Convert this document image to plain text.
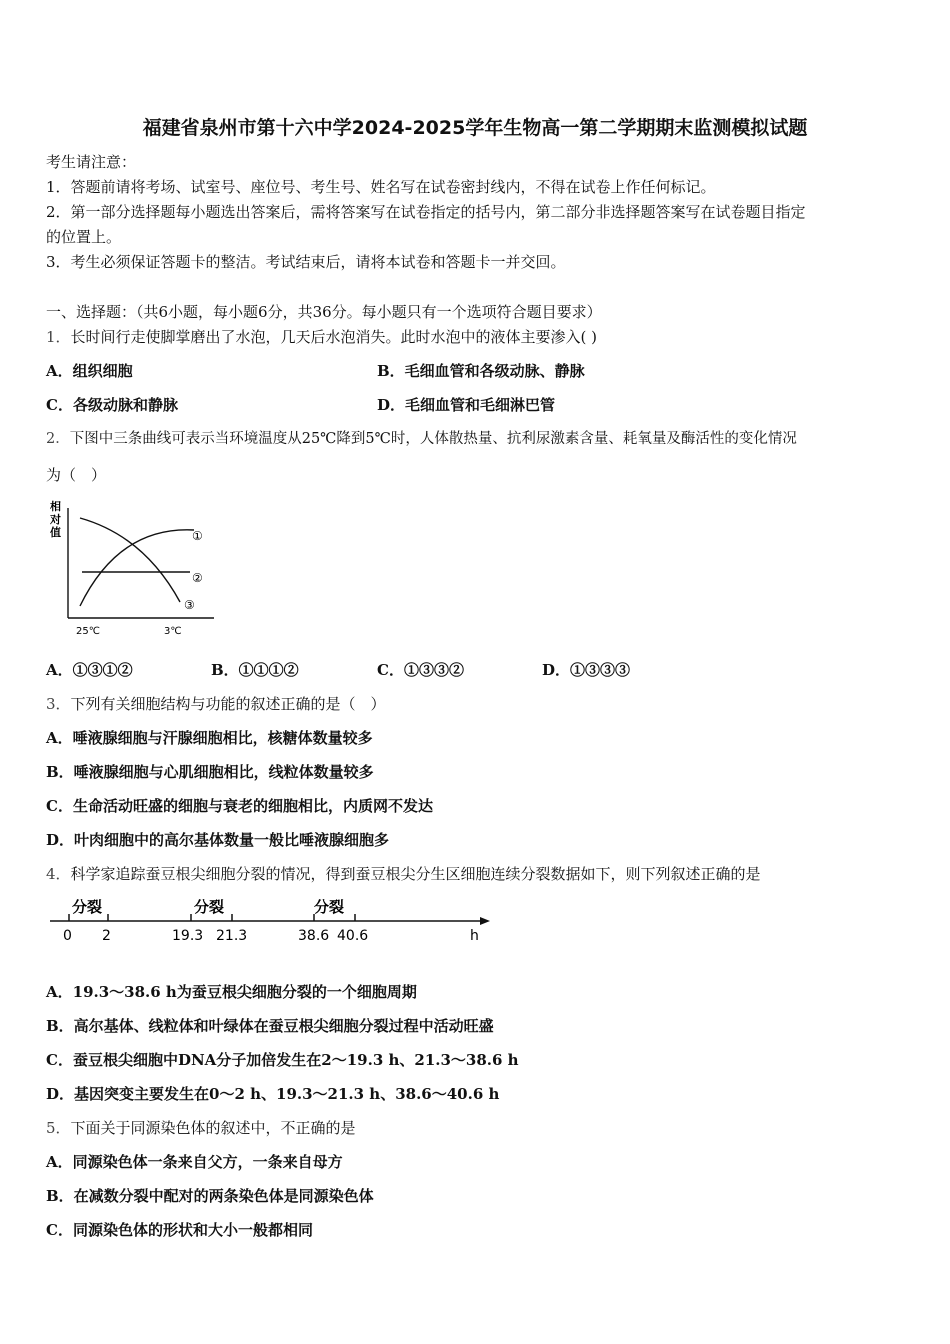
福建省泉州市第十六中学2024-2025学年生物高一第二学期期末监测模拟试题
考生请注意：
1．答题前请将考场、试室号、座位号、考生号、姓名写在试卷密封线内，不得在试卷上作任何标记。
2．第一部分选择题每小题选出答案后，需将答案写在试卷指定的括号内，第二部分非选择题答案写在试卷题目指定
的位置上。
3．考生必须保证答题卡的整洁。考试结束后，请将本试卷和答题卡一并交回。
一、选择题：（共6小题，每小题6分，共36分。每小题只有一个选项符合题目要求）
1．长时间行走使脚掌磨出了水泡，几天后水泡消失。此时水泡中的液体主要渗入( )
A．组织细胞	B．毛细血管和各级动脉、静脉
C．各级动脉和静脉	D．毛细血管和毛细淋巴管
2．下图中三条曲线可表示当环境温度从25℃降到5℃时，人体散热量、抗利尿激素含量、耗氧量及酶活性的变化情况
为（　）
相
对
值	①
②
③
25℃	3℃
A．①③①②	B．①①①②	C．①③③②	D．①③③③
3．下列有关细胞结构与功能的叙述正确的是（　）
A．唾液腺细胞与汗腺细胞相比，核糖体数量较多
B．唾液腺细胞与心肌细胞相比，线粒体数量较多
C．生命活动旺盛的细胞与衰老的细胞相比，内质网不发达
D．叶肉细胞中的高尔基体数量一般比唾液腺细胞多
4．科学家追踪蚕豆根尖细胞分裂的情况，得到蚕豆根尖分生区细胞连续分裂数据如下，则下列叙述正确的是
分裂	分裂	分裂
0 2	19.3 21.3	38.6 40.6	h
A．19.3～38.6 h为蚕豆根尖细胞分裂的一个细胞周期
B．高尔基体、线粒体和叶绿体在蚕豆根尖细胞分裂过程中活动旺盛
C．蚕豆根尖细胞中DNA分子加倍发生在2～19.3 h、21.3～38.6 h
D．基因突变主要发生在0～2 h、19.3～21.3 h、38.6～40.6 h
5．下面关于同源染色体的叙述中，不正确的是
A．同源染色体一条来自父方，一条来自母方
B．在减数分裂中配对的两条染色体是同源染色体
C．同源染色体的形状和大小一般都相同
